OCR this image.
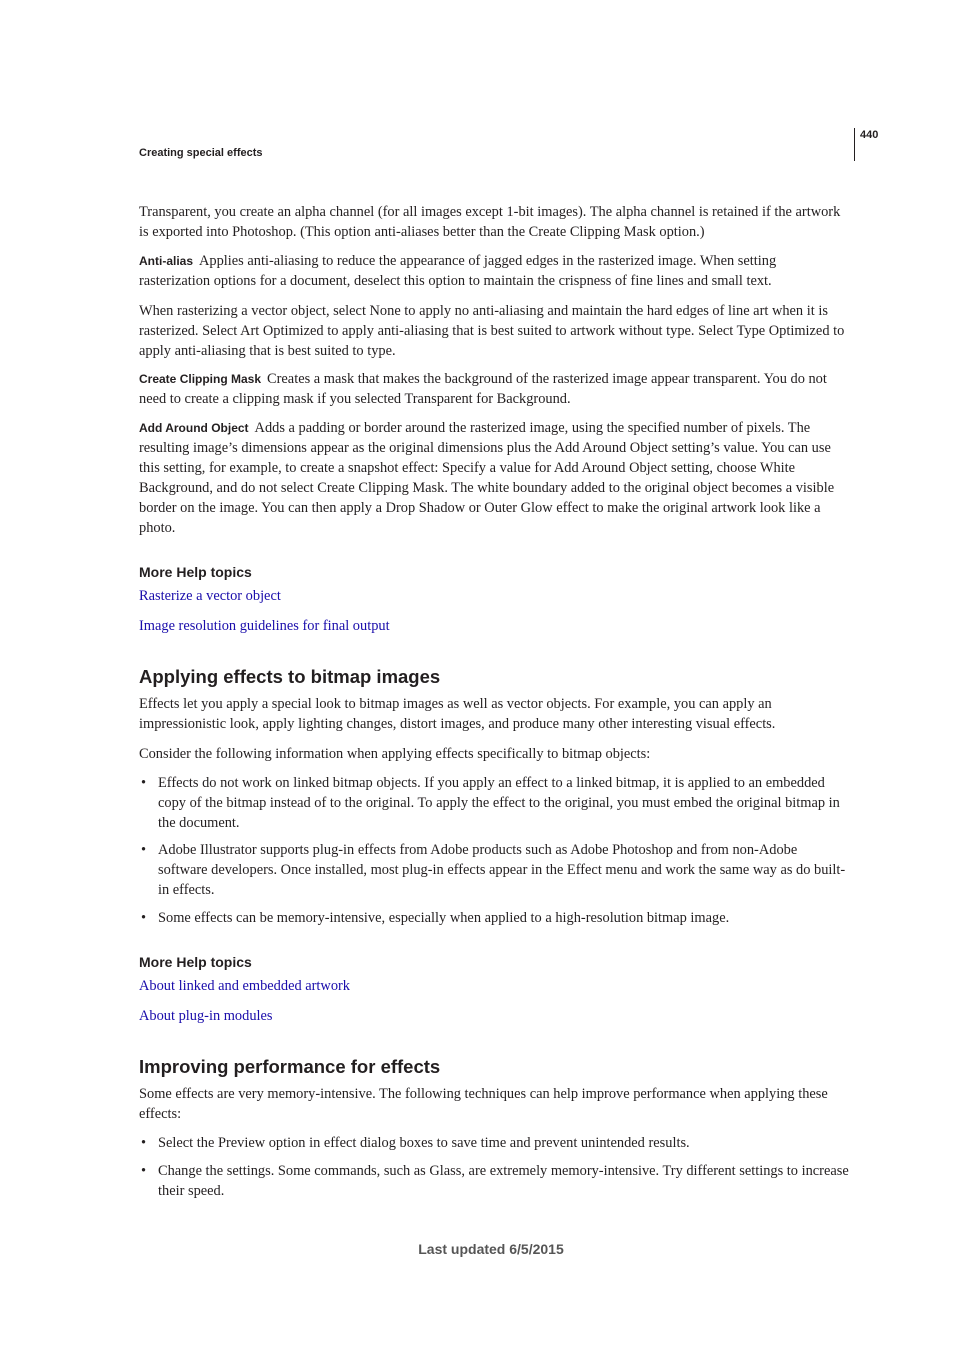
440
Creating special effects

Transparent, you create an alpha channel (for all images except 1-bit images). The alpha channel is retained if the artwork is exported into Photoshop. (This option anti-aliases better than the Create Clipping Mask option.)

Anti-alias Applies anti-aliasing to reduce the appearance of jagged edges in the rasterized image. When setting rasterization options for a document, deselect this option to maintain the crispness of fine lines and small text.

When rasterizing a vector object, select None to apply no anti-aliasing and maintain the hard edges of line art when it is rasterized. Select Art Optimized to apply anti-aliasing that is best suited to artwork without type. Select Type Optimized to apply anti-aliasing that is best suited to type.

Create Clipping Mask Creates a mask that makes the background of the rasterized image appear transparent. You do not need to create a clipping mask if you selected Transparent for Background.

Add Around Object Adds a padding or border around the rasterized image, using the specified number of pixels. The resulting image’s dimensions appear as the original dimensions plus the Add Around Object setting’s value. You can use this setting, for example, to create a snapshot effect: Specify a value for Add Around Object setting, choose White Background, and do not select Create Clipping Mask. The white boundary added to the original object becomes a visible border on the image. You can then apply a Drop Shadow or Outer Glow effect to make the original artwork look like a photo.

More Help topics
Rasterize a vector object
Image resolution guidelines for final output
Applying effects to bitmap images

Effects let you apply a special look to bitmap images as well as vector objects. For example, you can apply an impressionistic look, apply lighting changes, distort images, and produce many other interesting visual effects.

Consider the following information when applying effects specifically to bitmap objects:

• Effects do not work on linked bitmap objects. If you apply an effect to a linked bitmap, it is applied to an embedded copy of the bitmap instead of to the original. To apply the effect to the original, you must embed the original bitmap in the document.
• Adobe Illustrator supports plug-in effects from Adobe products such as Adobe Photoshop and from non-Adobe software developers. Once installed, most plug-in effects appear in the Effect menu and work the same way as do built-in effects.
• Some effects can be memory-intensive, especially when applied to a high-resolution bitmap image.
More Help topics
About linked and embedded artwork
About plug-in modules
Improving performance for effects

Some effects are very memory-intensive. The following techniques can help improve performance when applying these effects:

• Select the Preview option in effect dialog boxes to save time and prevent unintended results.
• Change the settings. Some commands, such as Glass, are extremely memory-intensive. Try different settings to increase their speed.
Last updated 6/5/2015
